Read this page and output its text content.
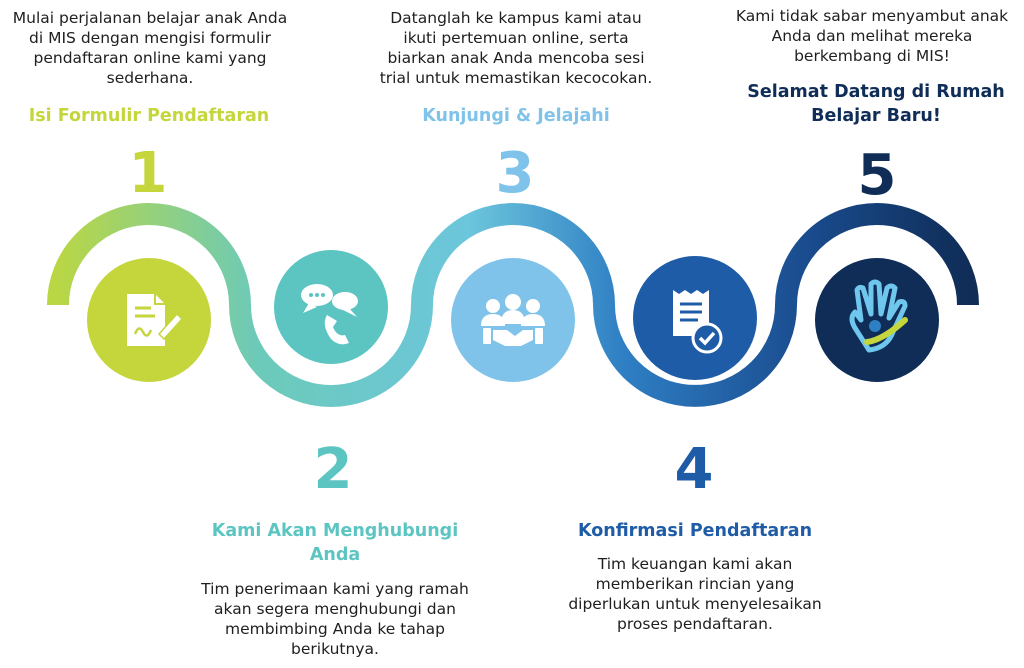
Mulai perjalanan belajar anak Anda
di MIS dengan mengisi formulir
pendaftaran online kami yang
sederhana.
Isi Formulir Pendaftaran
1
Datanglah ke kampus kami atau
ikuti pertemuan online, serta
biarkan anak Anda mencoba sesi
trial untuk memastikan kecocokan.
Kunjungi & Jelajahi
3
Kami tidak sabar menyambut anak
Anda dan melihat mereka
berkembang di MIS!
Selamat Datang di Rumah
Belajar Baru!
5
2
Kami Akan Menghubungi
Anda
Tim penerimaan kami yang ramah
akan segera menghubungi dan
membimbing Anda ke tahap
berikutnya.
4
Konfirmasi Pendaftaran
Tim keuangan kami akan
memberikan rincian yang
diperlukan untuk menyelesaikan
proses pendaftaran.
